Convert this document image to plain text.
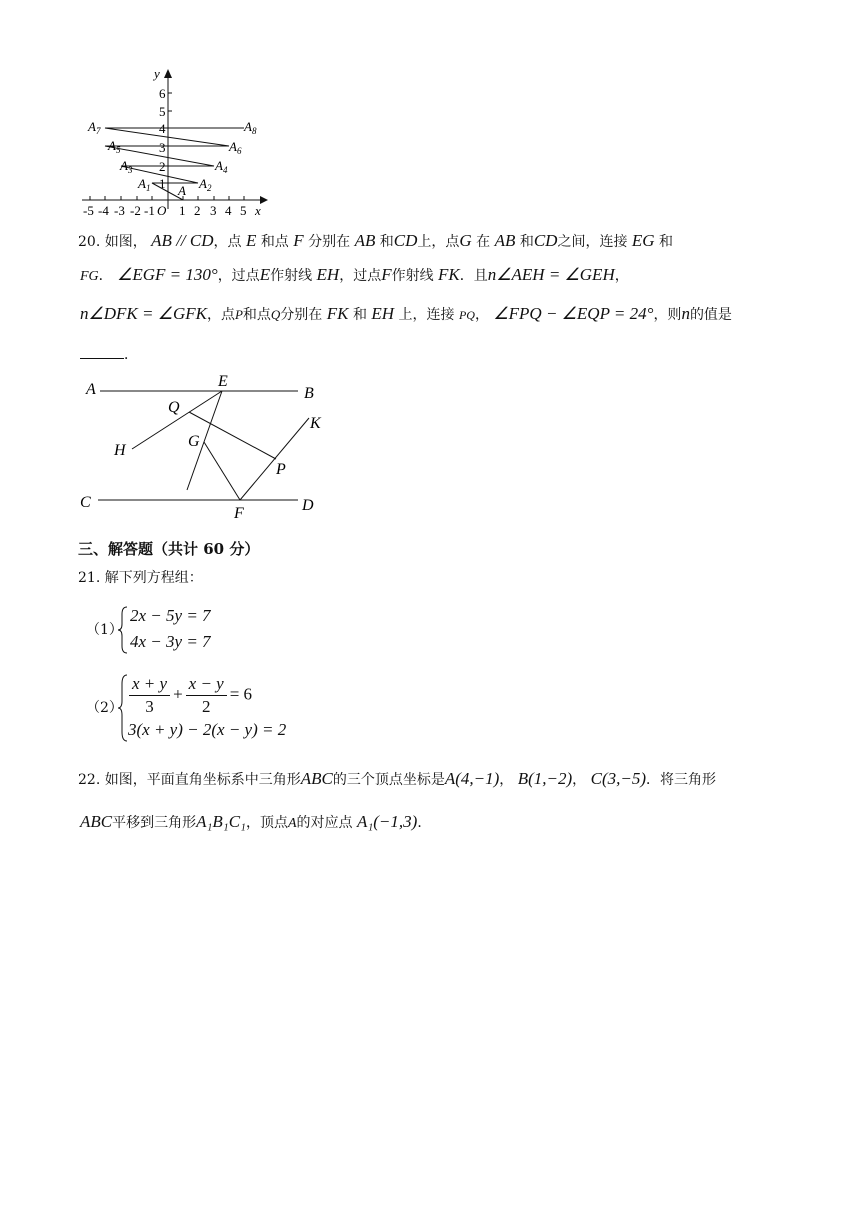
x
y
1
2
3
4
5
6
-5 -4 -3 -2 -1 O 1 2 3 4 5
A
$A_1$	$A_2$
$A_3$	$A_4$
$A_5$	$A_6$
$A_7$	$A_8$
20. 如图， AB // CD，点 E 和点 F 分别在 AB 和CD上，点G 在 AB 和CD之间，连接 EG 和
FG． ∠EGF = 130°，过点E作射线 EH，过点F作射线 FK．且n∠AEH = ∠GEH，
n∠DFK = ∠GFK，点P和点Q分别在 FK 和 EH 上，连接 PQ， ∠FPQ − ∠EQP = 24°，则n的值是
．
A	B
E
Q
K
G
H
P
C	D
F
三、解答题（共计 60 分）
21. 解下列方程组：
（1）
2x − 5y = 7
4x − 3y = 7
$(2) \frac{x + y}{3} + \frac{x - y}{2} = 6$
3(x + y) − 2(x − y) = 2
22. 如图，平面直角坐标系中三角形ABC的三个顶点坐标是A(4,−1)， B(1,−2)， C(3,−5)．将三角形
ABC平移到三角形A₁B₁C₁，顶点A的对应点 A₁(−1,3)．
